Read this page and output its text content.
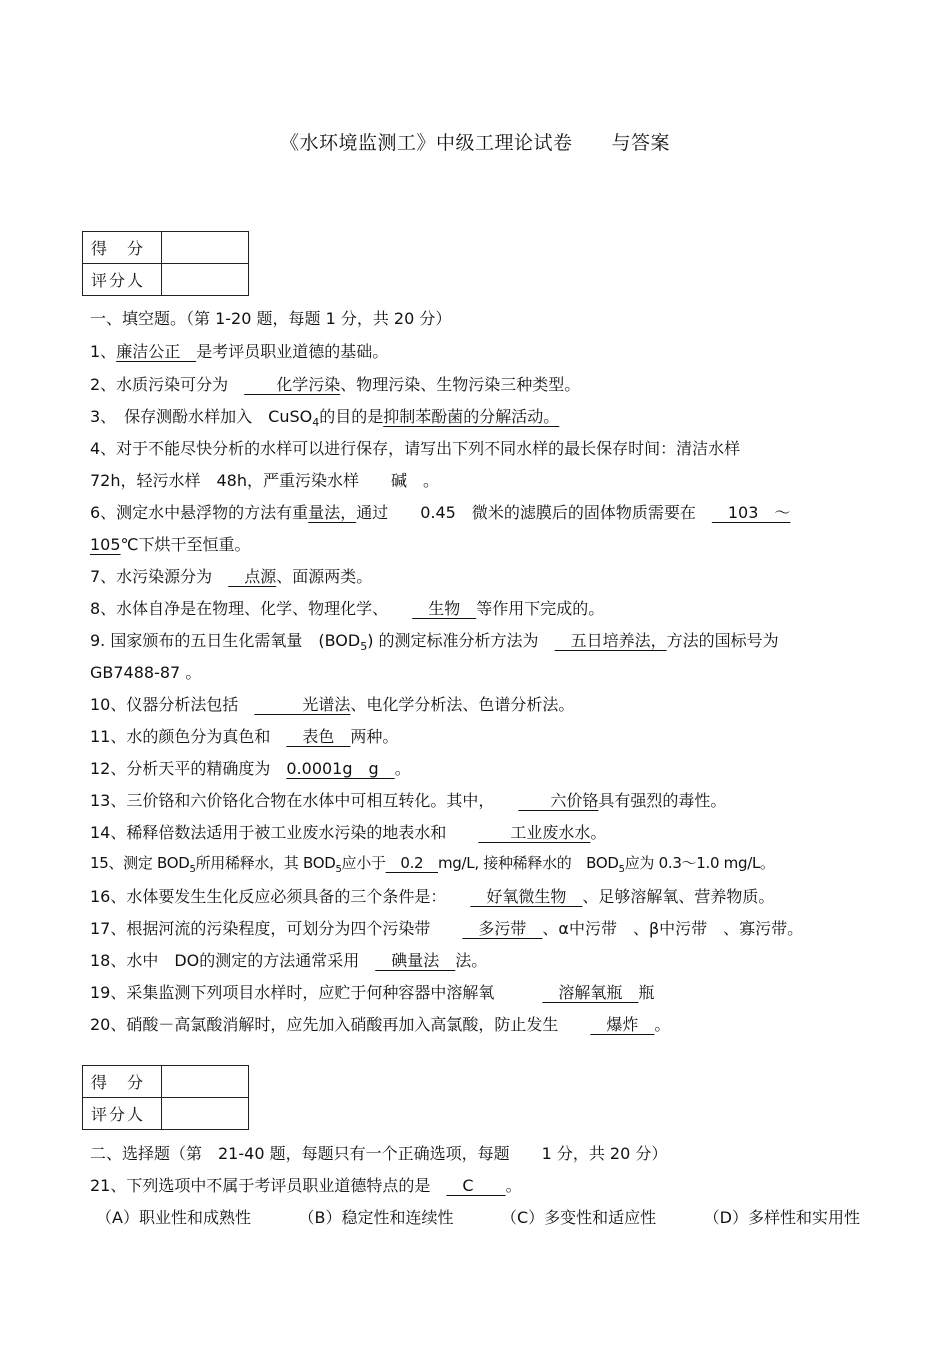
《水环境监测工》中级工理论试卷　　与答案
得　分	
评分人	
一、填空题。（第 1-20 题，每题 1 分，共 20 分）
1、廉洁公正　是考评员职业道德的基础。
2、水质污染可分为　　　化学污染、物理污染、生物污染三种类型。
3、　保存测酚水样加入　CuSO$_4$的目的是抑制苯酚菌的分解活动。
4、对于不能尽快分析的水样可以进行保存，请写出下列不同水样的最长保存时间：清洁水样
72h，轻污水样　48h，严重污染水样　　碱　。
6、测定水中悬浮物的方法有重量法，通过　　0.45　微米的滤膜后的固体物质需要在　　103　～
105℃下烘干至恒重。
7、水污染源分为　　点源、面源两类。
8、水体自净是在物理、化学、物理化学、　　　生物　等作用下完成的。
9. 国家颁布的五日生化需氧量　$(BOD_5)$ 的测定标准分析方法为　　五日培养法，方法的国标号为
GB7488-87 。
10、仪器分析法包括　　　　光谱法、电化学分析法、色谱分析法。
11、水的颜色分为真色和　　表色　两种。
12、分析天平的精确度为　0.0001g　g　。
13、三价铬和六价铬化合物在水体中可相互转化。其中，　　　　六价铬具有强烈的毒性。
14、稀释倍数法适用于被工业废水污染的地表水和　　　　工业废水水。
15、测定 $BOD_5$所用稀释水，其 $BOD_5$应小于　0.2　mg/L, 接种稀释水的　$BOD_5$应为 0.3～1.0 mg/L。
16、水体要发生生化反应必须具备的三个条件是：　　　好氧微生物　、足够溶解氧、营养物质。
17、根据河流的污染程度，可划分为四个污染带　　　多污带　、α中污带　、β中污带　、寡污带。
18、水中　DO的测定的方法通常采用　　碘量法　法。
19、采集监测下列项目水样时，应贮于何种容器中溶解氧　　　　溶解氧瓶　瓶
20、硝酸－高氯酸消解时，应先加入硝酸再加入高氯酸，防止发生　　　爆炸　。
得　分	
评分人	
二、选择题（第　21-40 题，每题只有一个正确选项，每题　　1 分，共 20 分）
21、下列选项中不属于考评员职业道德特点的是　　C　　。
（A）职业性和成熟性	（B）稳定性和连续性	（C）多变性和适应性	（D）多样性和实用性
